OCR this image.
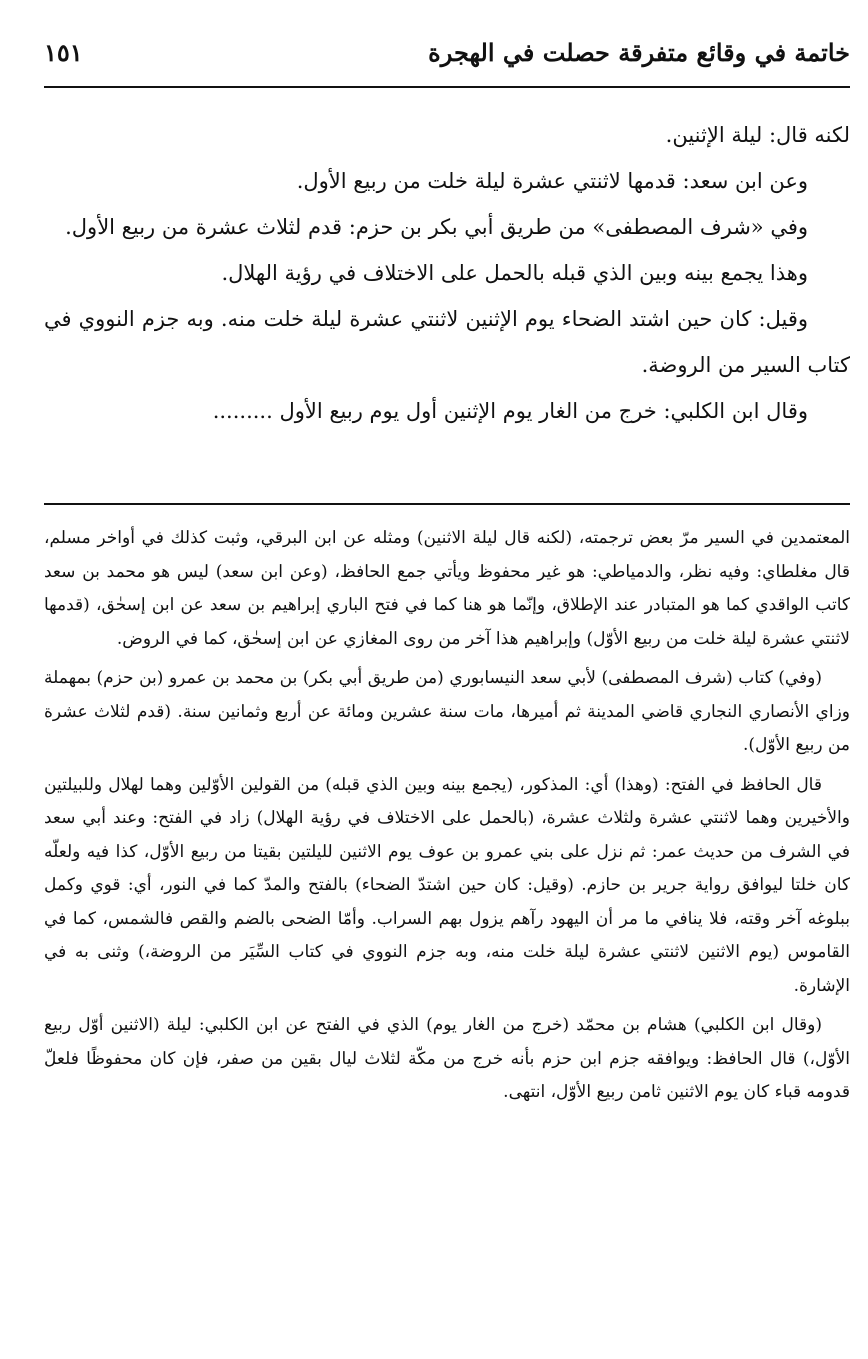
خاتمة في وقائع متفرقة حصلت في الهجرة
١٥١

لكنه قال: ليلة الإثنين.

وعن ابن سعد: قدمها لاثنتي عشرة ليلة خلت من ربيع الأول.

وفي «شرف المصطفى» من طريق أبي بكر بن حزم: قدم لثلاث عشرة من ربيع الأول.

وهذا يجمع بينه وبين الذي قبله بالحمل على الاختلاف في رؤية الهلال.

وقيل: كان حين اشتد الضحاء يوم الإثنين لاثنتي عشرة ليلة خلت منه. وبه جزم النووي في كتاب السير من الروضة.

وقال ابن الكلبي: خرج من الغار يوم الإثنين أول يوم ربيع الأول .........

المعتمدين في السير مرّ بعض ترجمته، (لكنه قال ليلة الاثنين) ومثله عن ابن البرقي، وثبت كذلك في أواخر مسلم، قال مغلطاي: وفيه نظر، والدمياطي: هو غير محفوظ ويأتي جمع الحافظ، (وعن ابن سعد) ليس هو محمد بن سعد كاتب الواقدي كما هو المتبادر عند الإطلاق، وإنّما هو هنا كما في فتح الباري إبراهيم بن سعد عن ابن إسحٰق، (قدمها لاثنتي عشرة ليلة خلت من ربيع الأوّل) وإبراهيم هذا آخر من روى المغازي عن ابن إسحٰق، كما في الروض.

(وفي) كتاب (شرف المصطفى) لأبي سعد النيسابوري (من طريق أبي بكر) بن محمد بن عمرو (بن حزم) بمهملة وزاي الأنصاري النجاري قاضي المدينة ثم أميرها، مات سنة عشرين ومائة عن أربع وثمانين سنة. (قدم لثلاث عشرة من ربيع الأوّل).

قال الحافظ في الفتح: (وهذا) أي: المذكور، (يجمع بينه وبين الذي قبله) من القولين الأوّلين وهما لهلال وللبيلتين والأخيرين وهما لاثنتي عشرة ولثلاث عشرة، (بالحمل على الاختلاف في رؤية الهلال) زاد في الفتح: وعند أبي سعد في الشرف من حديث عمر: ثم نزل على بني عمرو بن عوف يوم الاثنين لليلتين بقيتا من ربيع الأوّل، كذا فيه ولعلّه كان خلتا ليوافق رواية جرير بن حازم. (وقيل: كان حين اشتدّ الضحاء) بالفتح والمدّ كما في النور، أي: قوي وكمل ببلوغه آخر وقته، فلا ينافي ما مر أن اليهود رآهم يزول بهم السراب. وأمّا الضحى بالضم والقص فالشمس، كما في القاموس (يوم الاثنين لاثنتي عشرة ليلة خلت منه، وبه جزم النووي في كتاب السِّيَر من الروضة،) وثنى به في الإشارة.

(وقال ابن الكلبي) هشام بن محمّد (خرج من الغار يوم) الذي في الفتح عن ابن الكلبي: ليلة (الاثنين أوّل ربيع الأوّل،) قال الحافظ: ويوافقه جزم ابن حزم بأنه خرج من مكّة لثلاث ليال بقين من صفر، فإن كان محفوظًا فلعلّ قدومه قباء كان يوم الاثنين ثامن ربيع الأوّل، انتهى.
